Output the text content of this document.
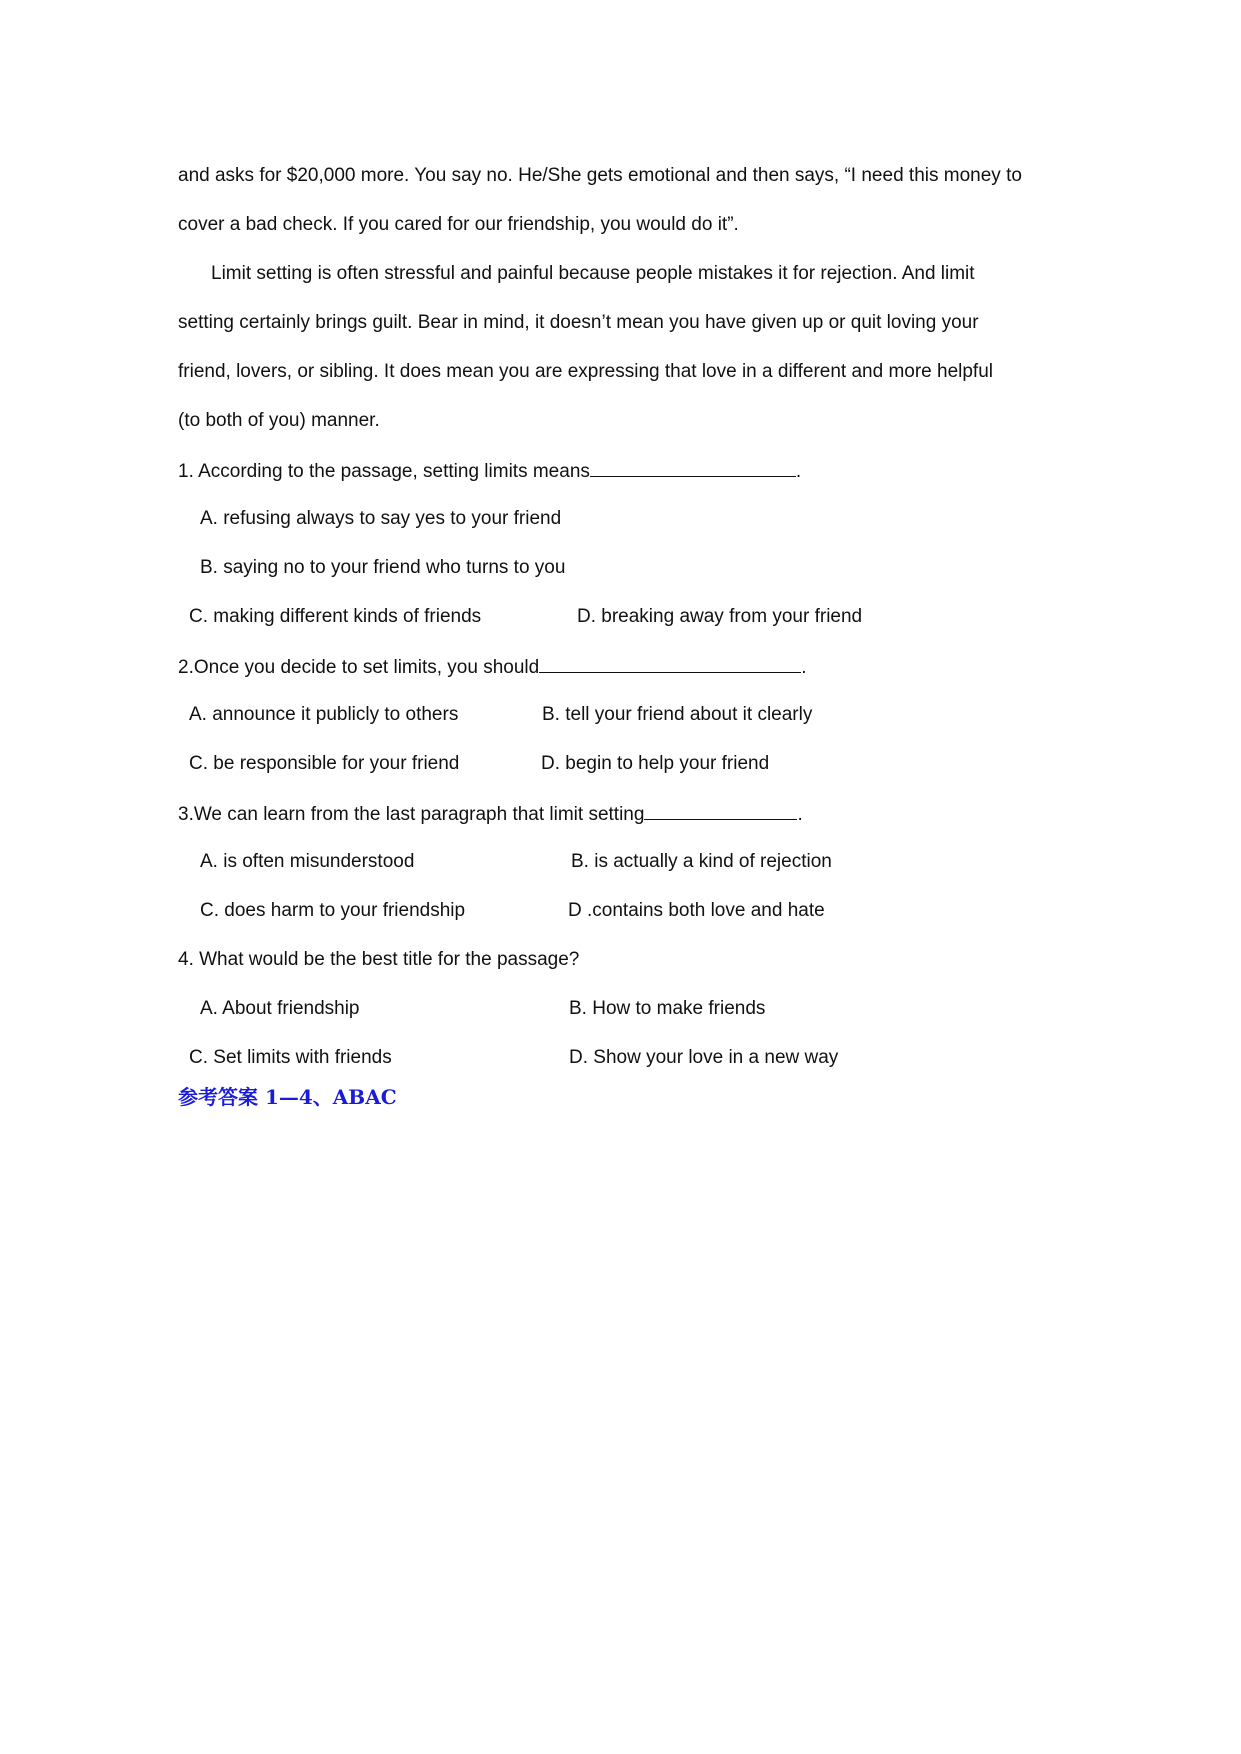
and asks for $20,000 more. You say no. He/She gets emotional and then says, “I need this money to
cover a bad check. If you cared for our friendship, you would do it”.
Limit setting is often stressful and painful because people mistakes it for rejection. And limit
setting certainly brings guilt. Bear in mind, it doesn’t mean you have given up or quit loving your
friend, lovers, or sibling. It does mean you are expressing that love in a different and more helpful
(to both of you) manner.
1. According to the passage, setting limits means	.
A. refusing always to say yes to your friend
B. saying no to your friend who turns to you
C. making different kinds of friends	D. breaking away from your friend
2.Once you decide to set limits, you should	.
A. announce it publicly to others	B. tell your friend about it clearly
C. be responsible for your friend	D. begin to help your friend
3.We can learn from the last paragraph that limit setting	.
A. is often misunderstood	B. is actually a kind of rejection
C. does harm to your friendship	D .contains both love and hate
4. What would be the best title for the passage?
A. About friendship	B. How to make friends
C. Set limits with friends	D. Show your love in a new way
参考答案 1—4、ABAC
